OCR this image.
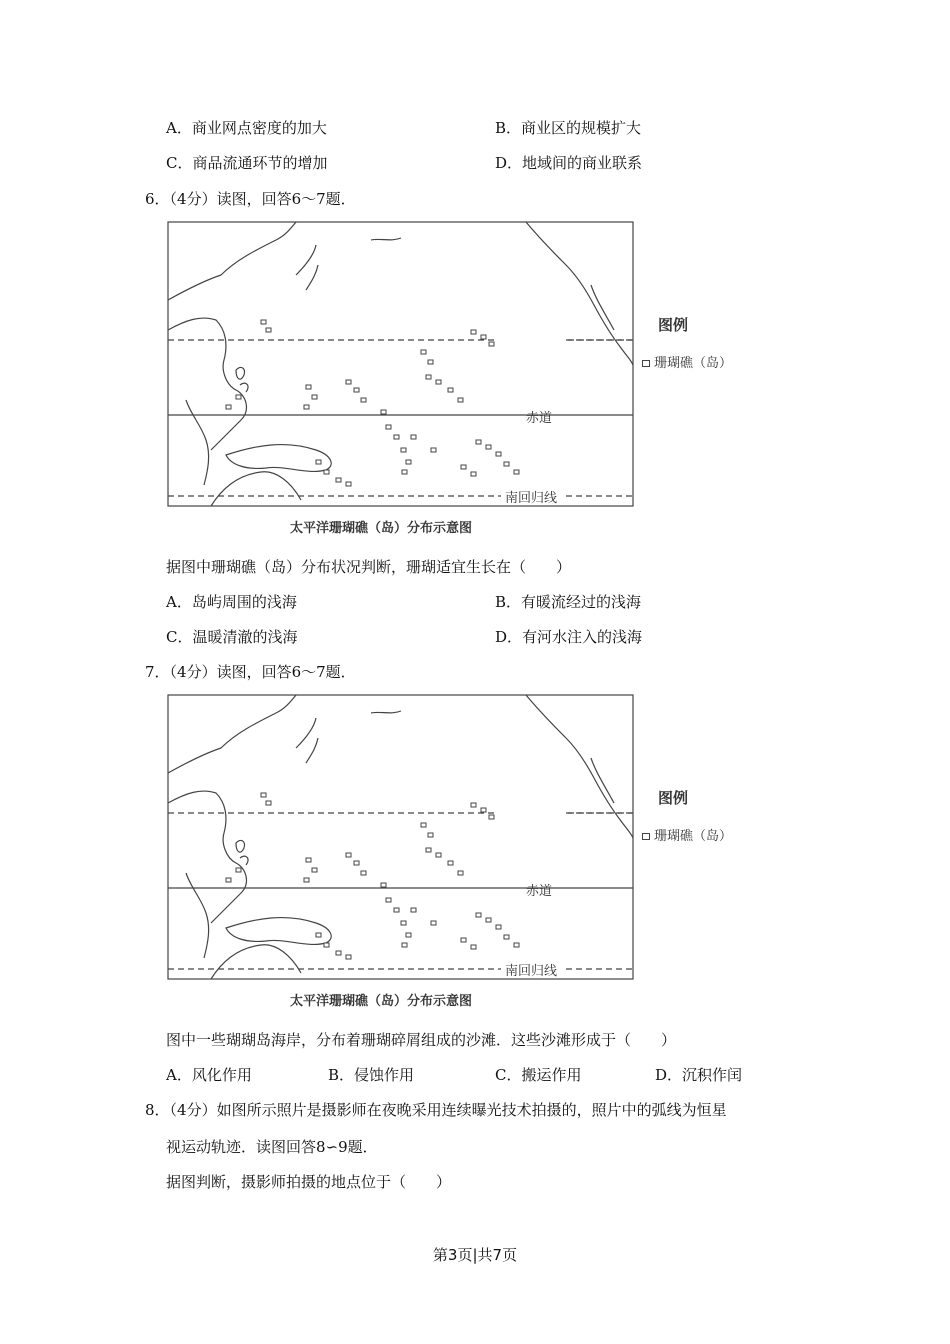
A．商业网点密度的加大	B．商业区的规模扩大
C．商品流通环节的增加	D．地域间的商业联系
6．（4分）读图，回答6～7题．
图例
珊瑚礁（岛）
赤道
南回归线
太平洋珊瑚礁（岛）分布示意图
据图中珊瑚礁（岛）分布状况判断，珊瑚适宜生长在（　　）
A．岛屿周围的浅海	B．有暖流经过的浅海
C．温暖清澈的浅海	D．有河水注入的浅海
7．（4分）读图，回答6～7题．
图例
珊瑚礁（岛）
赤道
南回归线
太平洋珊瑚礁（岛）分布示意图
图中一些瑚瑚岛海岸，分布着珊瑚碎屑组成的沙滩．这些沙滩形成于（　　）
A．风化作用	B．侵蚀作用	C．搬运作用	D．沉积作闰
8．（4分）如图所示照片是摄影师在夜晚采用连续曝光技术拍摄的，照片中的弧线为恒星
视运动轨迹．读图回答8∽9题．
据图判断，摄影师拍摄的地点位于（　　）
第3页|共7页
